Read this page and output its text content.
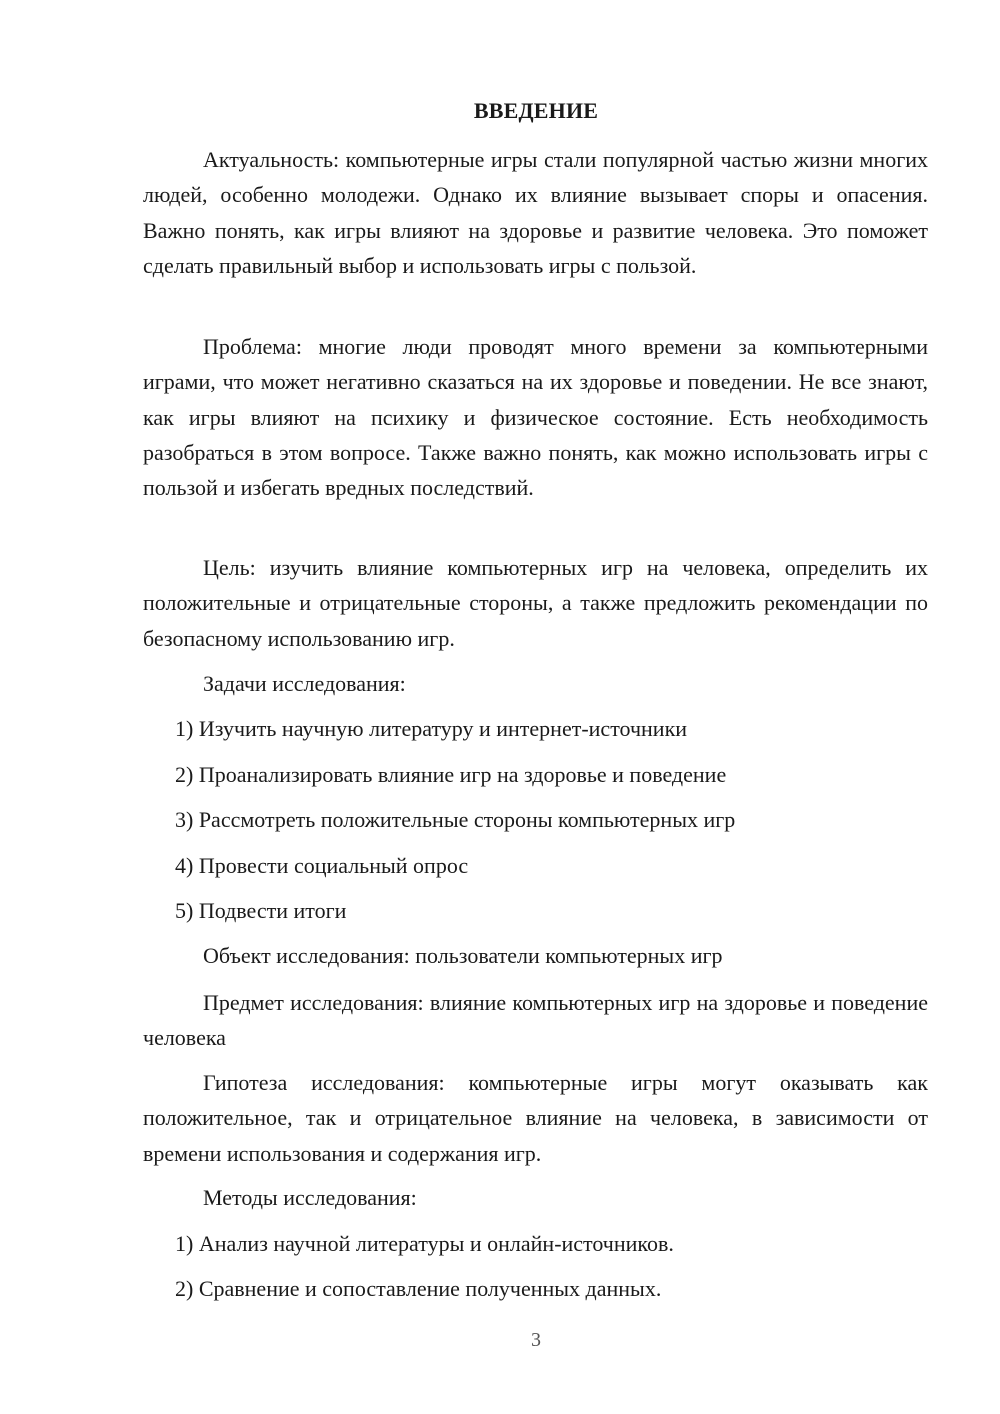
ВВЕДЕНИЕ
Актуальность: компьютерные игры стали популярной частью жизни многих людей, особенно молодежи. Однако их влияние вызывает споры и опасения. Важно понять, как игры влияют на здоровье и развитие человека. Это поможет сделать правильный выбор и использовать игры с пользой.
Проблема: многие люди проводят много времени за компьютерными играми, что может негативно сказаться на их здоровье и поведении. Не все знают, как игры влияют на психику и физическое состояние. Есть необходимость разобраться в этом вопросе. Также важно понять, как можно использовать игры с пользой и избегать вредных последствий.
Цель: изучить влияние компьютерных игр на человека, определить их положительные и отрицательные стороны, а также предложить рекомендации по безопасному использованию игр.
Задачи исследования:
1) Изучить научную литературу и интернет-источники
2) Проанализировать влияние игр на здоровье и поведение
3) Рассмотреть положительные стороны компьютерных игр
4) Провести социальный опрос
5) Подвести итоги
Объект исследования: пользователи компьютерных игр
Предмет исследования: влияние компьютерных игр на здоровье и поведение человека
Гипотеза исследования: компьютерные игры могут оказывать как положительное, так и отрицательное влияние на человека, в зависимости от времени использования и содержания игр.
Методы исследования:
1) Анализ научной литературы и онлайн-источников.
2) Сравнение и сопоставление полученных данных.
3
